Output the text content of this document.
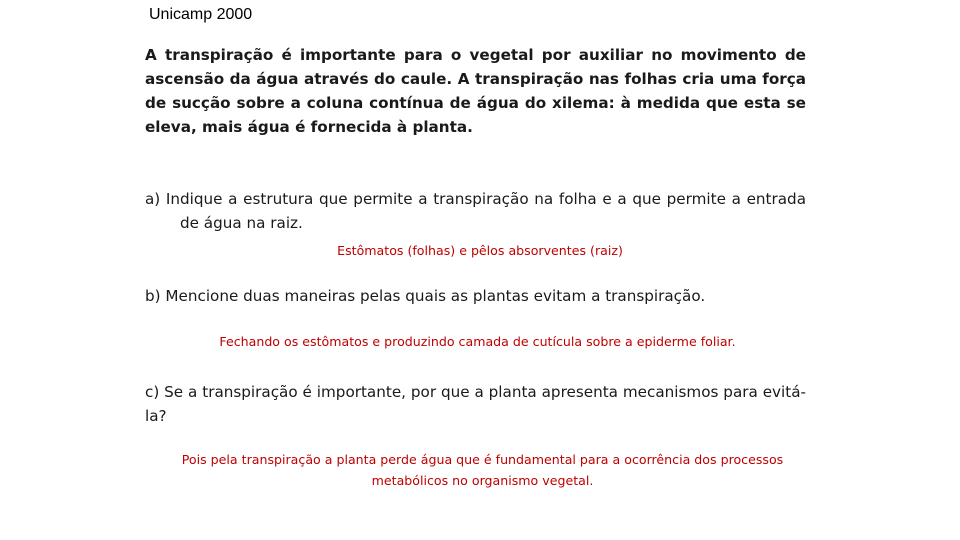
Unicamp 2000

A transpiração é importante para o vegetal por auxiliar no movimento de ascensão da água através do caule. A transpiração nas folhas cria uma força de sucção sobre a coluna contínua de água do xilema: à medida que esta se eleva, mais água é fornecida à planta.

a) Indique a estrutura que permite a transpiração na folha e a que permite a entrada de água na raiz.

Estômatos (folhas) e pêlos absorventes (raiz)

b) Mencione duas maneiras pelas quais as plantas evitam a transpiração.

Fechando os estômatos e produzindo camada de cutícula sobre a epiderme foliar.

c) Se a transpiração é importante, por que a planta apresenta mecanismos para evitá-la?

Pois pela transpiração a planta perde água que é fundamental para a ocorrência dos processos metabólicos no organismo vegetal.
